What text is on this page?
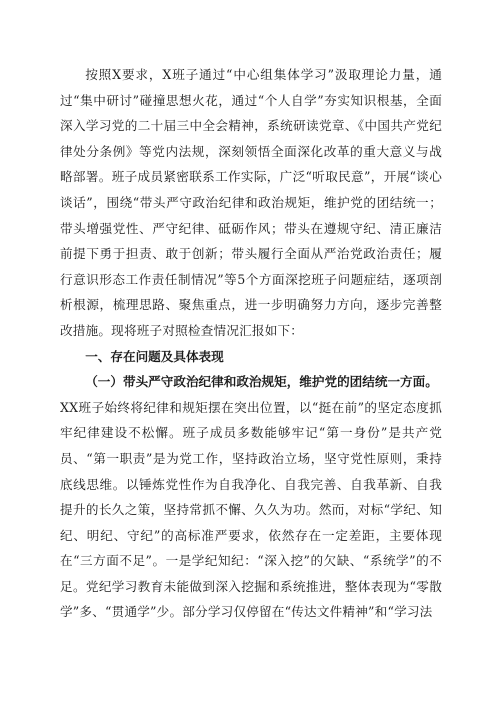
按照X要求，X班子通过“中心组集体学习”汲取理论力量，通过“集中研讨”碰撞思想火花，通过“个人自学”夯实知识根基，全面深入学习党的二十届三中全会精神，系统研读党章、《中国共产党纪律处分条例》等党内法规，深刻领悟全面深化改革的重大意义与战略部署。班子成员紧密联系工作实际，广泛“听取民意”，开展“谈心谈话”，围绕“带头严守政治纪律和政治规矩，维护党的团结统一；带头增强党性、严守纪律、砥砺作风；带头在遵规守纪、清正廉洁前提下勇于担责、敢于创新；带头履行全面从严治党政治责任；履行意识形态工作责任制情况”等5个方面深挖班子问题症结，逐项剖析根源，梳理思路、聚焦重点，进一步明确努力方向，逐步完善整改措施。现将班子对照检查情况汇报如下：

一、存在问题及具体表现

（一）带头严守政治纪律和政治规矩，维护党的团结统一方面。

XX班子始终将纪律和规矩摆在突出位置，以“挺在前”的坚定态度抓牢纪律建设不松懈。班子成员多数能够牢记“第一身份”是共产党员、“第一职责”是为党工作，坚持政治立场，坚守党性原则，秉持底线思维。以锤炼党性作为自我净化、自我完善、自我革新、自我提升的长久之策，坚持常抓不懈、久久为功。然而，对标“学纪、知纪、明纪、守纪”的高标准严要求，依然存在一定差距，主要体现在“三方面不足”。一是学纪知纪：“深入挖”的欠缺、“系统学”的不足。党纪学习教育未能做到深入挖掘和系统推进，整体表现为“零散学”多、“贯通学”少。部分学习仅停留在“传达文件精神”和“学习法
